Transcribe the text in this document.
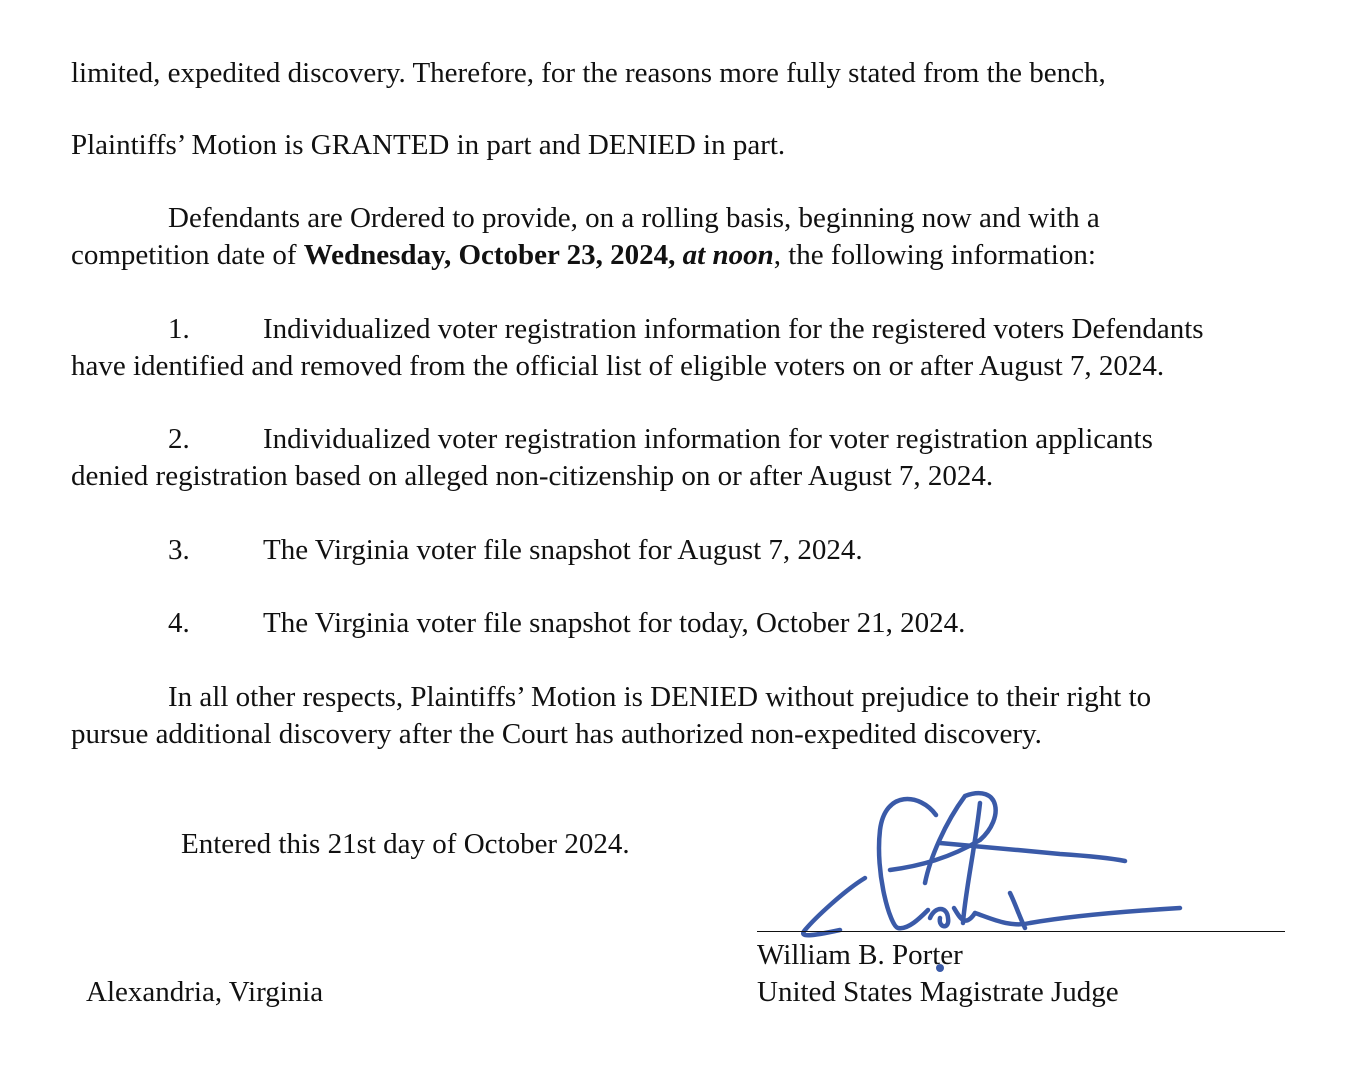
limited, expedited discovery. Therefore, for the reasons more fully stated from the bench,
Plaintiffs’ Motion is GRANTED in part and DENIED in part.
Defendants are Ordered to provide, on a rolling basis, beginning now and with a
competition date of Wednesday, October 23, 2024, at noon, the following information:
1.	Individualized voter registration information for the registered voters Defendants
have identified and removed from the official list of eligible voters on or after August 7, 2024.
2.	Individualized voter registration information for voter registration applicants
denied registration based on alleged non-citizenship on or after August 7, 2024.
3.	The Virginia voter file snapshot for August 7, 2024.
4.	The Virginia voter file snapshot for today, October 21, 2024.
In all other respects, Plaintiffs’ Motion is DENIED without prejudice to their right to
pursue additional discovery after the Court has authorized non-expedited discovery.
Entered this 21st day of October 2024.
William B. Porter
Alexandria, Virginia	United States Magistrate Judge
